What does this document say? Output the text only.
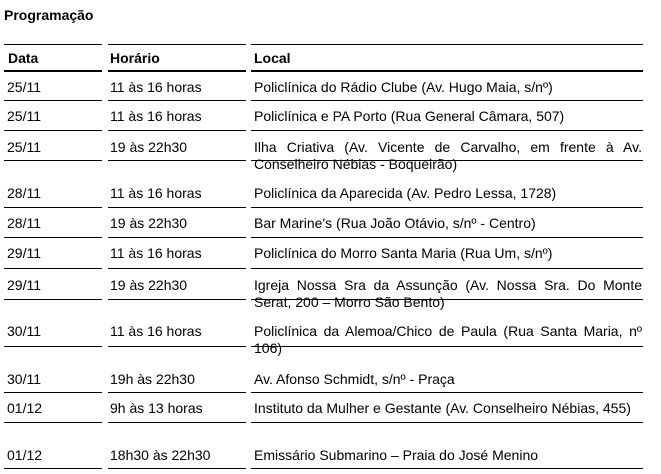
Programação
Data	Horário	Local
25/11	11 às 16 horas	Policlínica do Rádio Clube (Av. Hugo Maia, s/nº)
25/11	11 às 16 horas	Policlínica e PA Porto (Rua General Câmara, 507)
25/11	19 às 22h30	Ilha Criativa (Av. Vicente de Carvalho, em frente à Av. Conselheiro Nébias - Boqueirão)
28/11	11 às 16 horas	Policlínica da Aparecida (Av. Pedro Lessa, 1728)
28/11	19 às 22h30	Bar Marine's (Rua João Otávio, s/nº - Centro)
29/11	11 às 16 horas	Policlínica do Morro Santa Maria (Rua Um, s/nº)
29/11	19 às 22h30	Igreja Nossa Sra da Assunção (Av. Nossa Sra. Do Monte Serat, 200 – Morro São Bento)
30/11	11 às 16 horas	Policlínica da Alemoa/Chico de Paula (Rua Santa Maria, nº 106)
30/11	19h às 22h30	Av. Afonso Schmidt, s/nº - Praça
01/12	9h às 13 horas	Instituto da Mulher e Gestante (Av. Conselheiro Nébias, 455)
01/12	18h30 às 22h30	Emissário Submarino – Praia do José Menino
